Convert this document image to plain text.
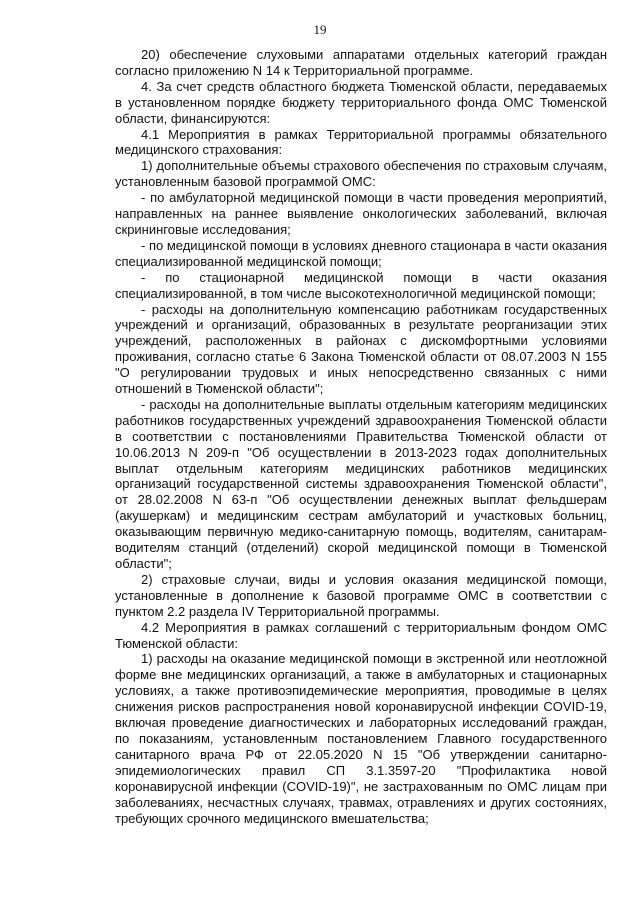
19

20) обеспечение слуховыми аппаратами отдельных категорий граждан согласно приложению N 14 к Территориальной программе.

4. За счет средств областного бюджета Тюменской области, передаваемых в установленном порядке бюджету территориального фонда ОМС Тюменской области, финансируются:

4.1 Мероприятия в рамках Территориальной программы обязательного медицинского страхования:

1) дополнительные объемы страхового обеспечения по страховым случаям, установленным базовой программой ОМС:

- по амбулаторной медицинской помощи в части проведения мероприятий, направленных на раннее выявление онкологических заболеваний, включая скрининговые исследования;

- по медицинской помощи в условиях дневного стационара в части оказания специализированной медицинской помощи;

- по стационарной медицинской помощи в части оказания специализированной, в том числе высокотехнологичной медицинской помощи;

- расходы на дополнительную компенсацию работникам государственных учреждений и организаций, образованных в результате реорганизации этих учреждений, расположенных в районах с дискомфортными условиями проживания, согласно статье 6 Закона Тюменской области от 08.07.2003 N 155 "О регулировании трудовых и иных непосредственно связанных с ними отношений в Тюменской области";

- расходы на дополнительные выплаты отдельным категориям медицинских работников государственных учреждений здравоохранения Тюменской области в соответствии с постановлениями Правительства Тюменской области от 10.06.2013 N 209-п "Об осуществлении в 2013-2023 годах дополнительных выплат отдельным категориям медицинских работников медицинских организаций государственной системы здравоохранения Тюменской области", от 28.02.2008 N 63-п "Об осуществлении денежных выплат фельдшерам (акушеркам) и медицинским сестрам амбулаторий и участковых больниц, оказывающим первичную медико-санитарную помощь, водителям, санитарам-водителям станций (отделений) скорой медицинской помощи в Тюменской области";

2) страховые случаи, виды и условия оказания медицинской помощи, установленные в дополнение к базовой программе ОМС в соответствии с пунктом 2.2 раздела IV Территориальной программы.

4.2 Мероприятия в рамках соглашений с территориальным фондом ОМС Тюменской области:

1) расходы на оказание медицинской помощи в экстренной или неотложной форме вне медицинских организаций, а также в амбулаторных и стационарных условиях, а также противоэпидемические мероприятия, проводимые в целях снижения рисков распространения новой коронавирусной инфекции COVID-19, включая проведение диагностических и лабораторных исследований граждан, по показаниям, установленным постановлением Главного государственного санитарного врача РФ от 22.05.2020 N 15 "Об утверждении санитарно-эпидемиологических правил СП 3.1.3597-20 "Профилактика новой коронавирусной инфекции (COVID-19)", не застрахованным по ОМС лицам при заболеваниях, несчастных случаях, травмах, отравлениях и других состояниях, требующих срочного медицинского вмешательства;
